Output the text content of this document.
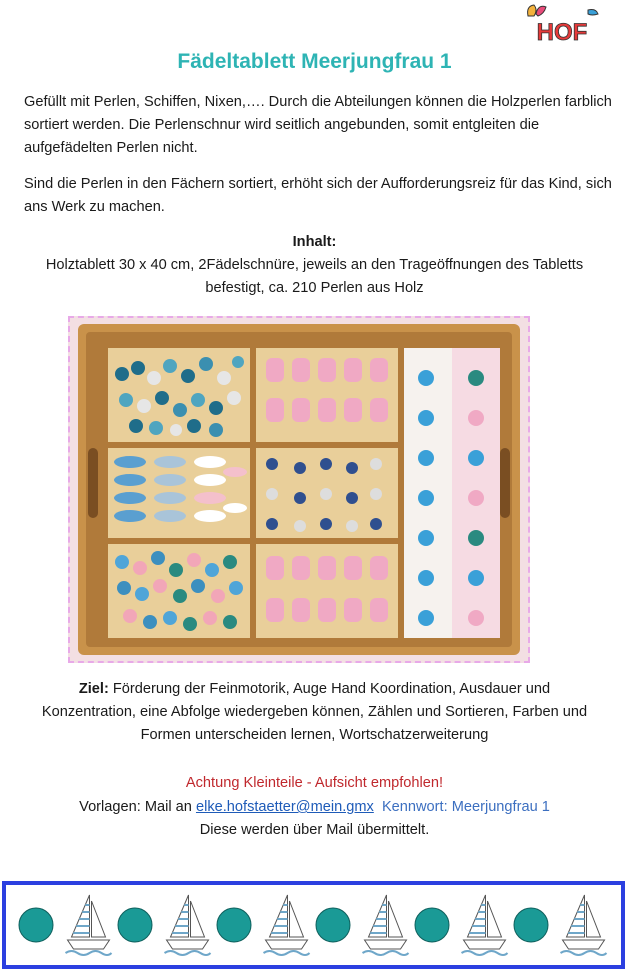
HOF
Fädeltablett Meerjungfrau 1
Gefüllt mit Perlen, Schiffen, Nixen,…. Durch die Abteilungen können die Holzperlen farblich sortiert werden. Die Perlenschnur wird seitlich angebunden, somit entgleiten die aufgefädelten Perlen nicht.
Sind die Perlen in den Fächern sortiert, erhöht sich der Aufforderungsreiz für das Kind, sich ans Werk zu machen.
Inhalt:
Holztablett 30 x 40 cm, 2Fädelschnüre, jeweils an den Trageöffnungen des Tabletts befestigt, ca. 210 Perlen aus Holz
Ziel: Förderung der Feinmotorik, Auge Hand Koordination, Ausdauer und Konzentration, eine Abfolge wiedergeben können, Zählen und Sortieren, Farben und Formen unterscheiden lernen, Wortschatzerweiterung
Achtung Kleinteile - Aufsicht empfohlen!
Vorlagen: Mail an elke.hofstaetter@mein.gmx Kennwort: Meerjungfrau 1
Diese werden über Mail übermittelt.
